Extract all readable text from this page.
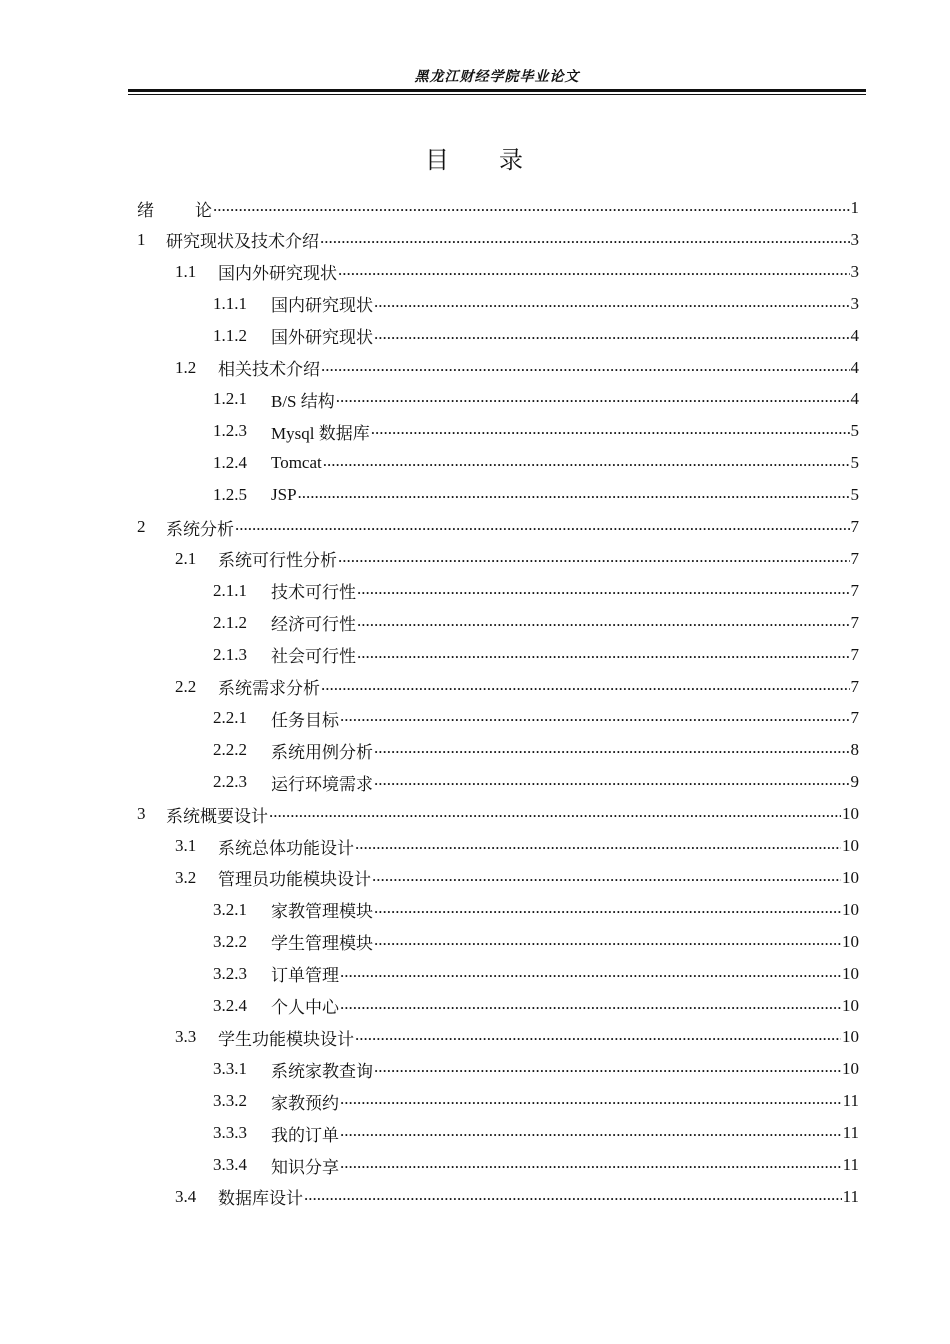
黑龙江财经学院毕业论文
目 录
绪	论 .....	1
1	研究现状及技术介绍 .....	3
1.1	国内外研究现状 .....	3
1.1.1	国内研究现状 .....	3
1.1.2	国外研究现状 .....	4
1.2	相关技术介绍 .....	4
1.2.1	B/S 结构 .....	4
1.2.3	Mysql 数据库 .....	5
1.2.4	Tomcat .....	5
1.2.5	JSP .....	5
2	系统分析 .....	7
2.1	系统可行性分析 .....	7
2.1.1	技术可行性 .....	7
2.1.2	经济可行性 .....	7
2.1.3	社会可行性 .....	7
2.2	系统需求分析 .....	7
2.2.1	任务目标 .....	7
2.2.2	系统用例分析 .....	8
2.2.3	运行环境需求 .....	9
3	系统概要设计 .....	10
3.1	系统总体功能设计 .....	10
3.2	管理员功能模块设计 .....	10
3.2.1	家教管理模块 .....	10
3.2.2	学生管理模块 .....	10
3.2.3	订单管理 .....	10
3.2.4	个人中心 .....	10
3.3	学生功能模块设计 .....	10
3.3.1	系统家教查询 .....	10
3.3.2	家教预约 .....	11
3.3.3	我的订单 .....	11
3.3.4	知识分享 .....	11
3.4	数据库设计 .....	11
